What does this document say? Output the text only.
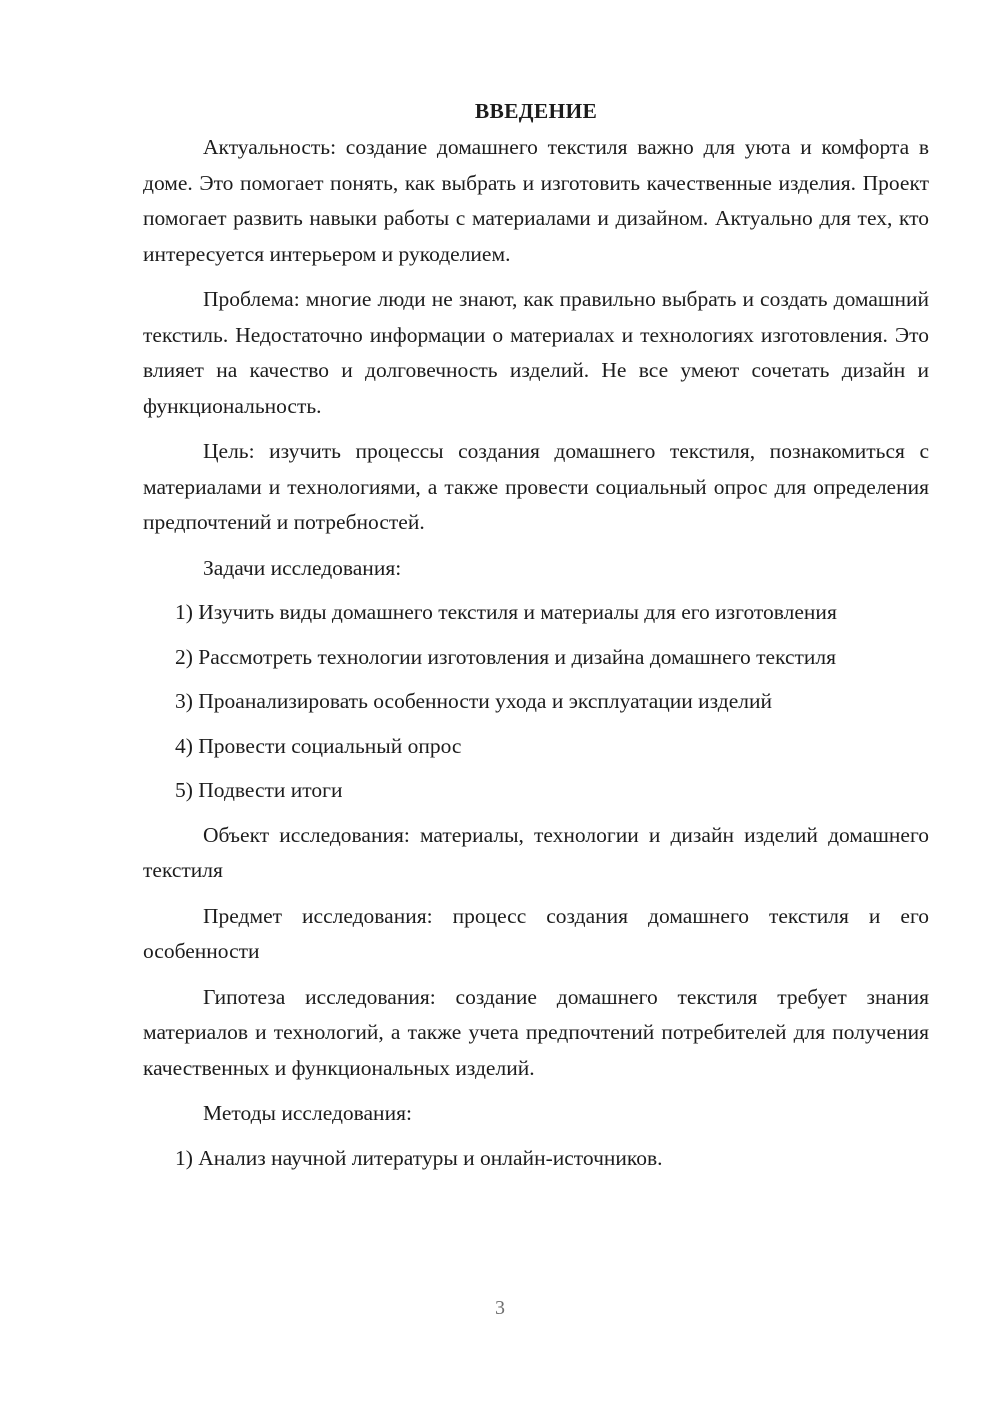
ВВЕДЕНИЕ

Актуальность: создание домашнего текстиля важно для уюта и комфорта в доме. Это помогает понять, как выбрать и изготовить качественные изделия. Проект помогает развить навыки работы с материалами и дизайном. Актуально для тех, кто интересуется интерьером и рукоделием.

Проблема: многие люди не знают, как правильно выбрать и создать домашний текстиль. Недостаточно информации о материалах и технологиях изготовления. Это влияет на качество и долговечность изделий. Не все умеют сочетать дизайн и функциональность.

Цель: изучить процессы создания домашнего текстиля, познакомиться с материалами и технологиями, а также провести социальный опрос для определения предпочтений и потребностей.

Задачи исследования:

1) Изучить виды домашнего текстиля и материалы для его изготовления

2) Рассмотреть технологии изготовления и дизайна домашнего текстиля

3) Проанализировать особенности ухода и эксплуатации изделий

4) Провести социальный опрос

5) Подвести итоги

Объект исследования: материалы, технологии и дизайн изделий домашнего текстиля

Предмет исследования: процесс создания домашнего текстиля и его особенности

Гипотеза исследования: создание домашнего текстиля требует знания материалов и технологий, а также учета предпочтений потребителей для получения качественных и функциональных изделий.

Методы исследования:

1) Анализ научной литературы и онлайн-источников.

3
